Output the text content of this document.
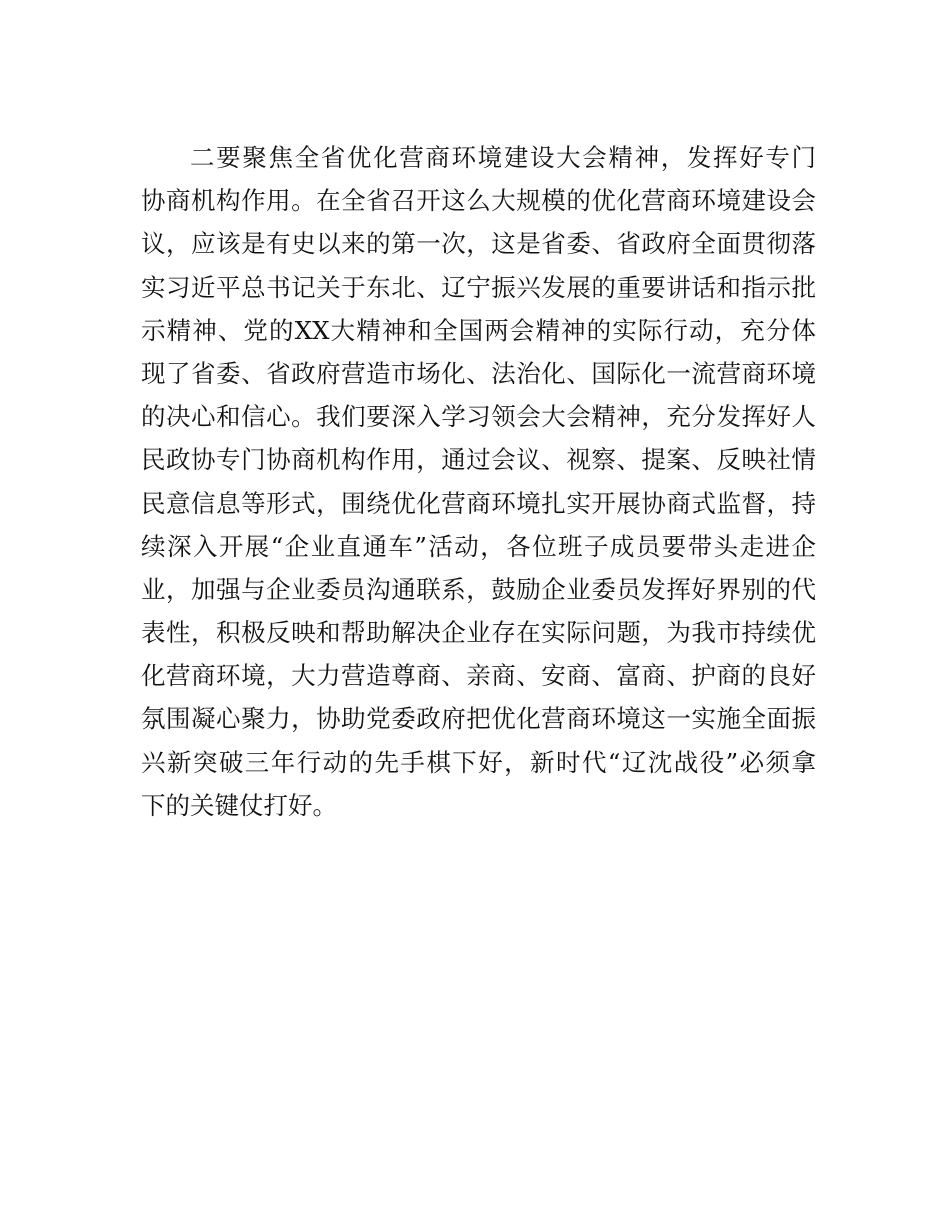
二要聚焦全省优化营商环境建设大会精神，发挥好专门
协商机构作用。在全省召开这么大规模的优化营商环境建设会
议，应该是有史以来的第一次，这是省委、省政府全面贯彻落
实习近平总书记关于东北、辽宁振兴发展的重要讲话和指示批
示精神、党的XX大精神和全国两会精神的实际行动，充分体
现了省委、省政府营造市场化、法治化、国际化一流营商环境
的决心和信心。我们要深入学习领会大会精神，充分发挥好人
民政协专门协商机构作用，通过会议、视察、提案、反映社情
民意信息等形式，围绕优化营商环境扎实开展协商式监督，持
续深入开展“企业直通车”活动，各位班子成员要带头走进企
业，加强与企业委员沟通联系，鼓励企业委员发挥好界别的代
表性，积极反映和帮助解决企业存在实际问题，为我市持续优
化营商环境，大力营造尊商、亲商、安商、富商、护商的良好
氛围凝心聚力，协助党委政府把优化营商环境这一实施全面振
兴新突破三年行动的先手棋下好，新时代“辽沈战役”必须拿
下的关键仗打好。
